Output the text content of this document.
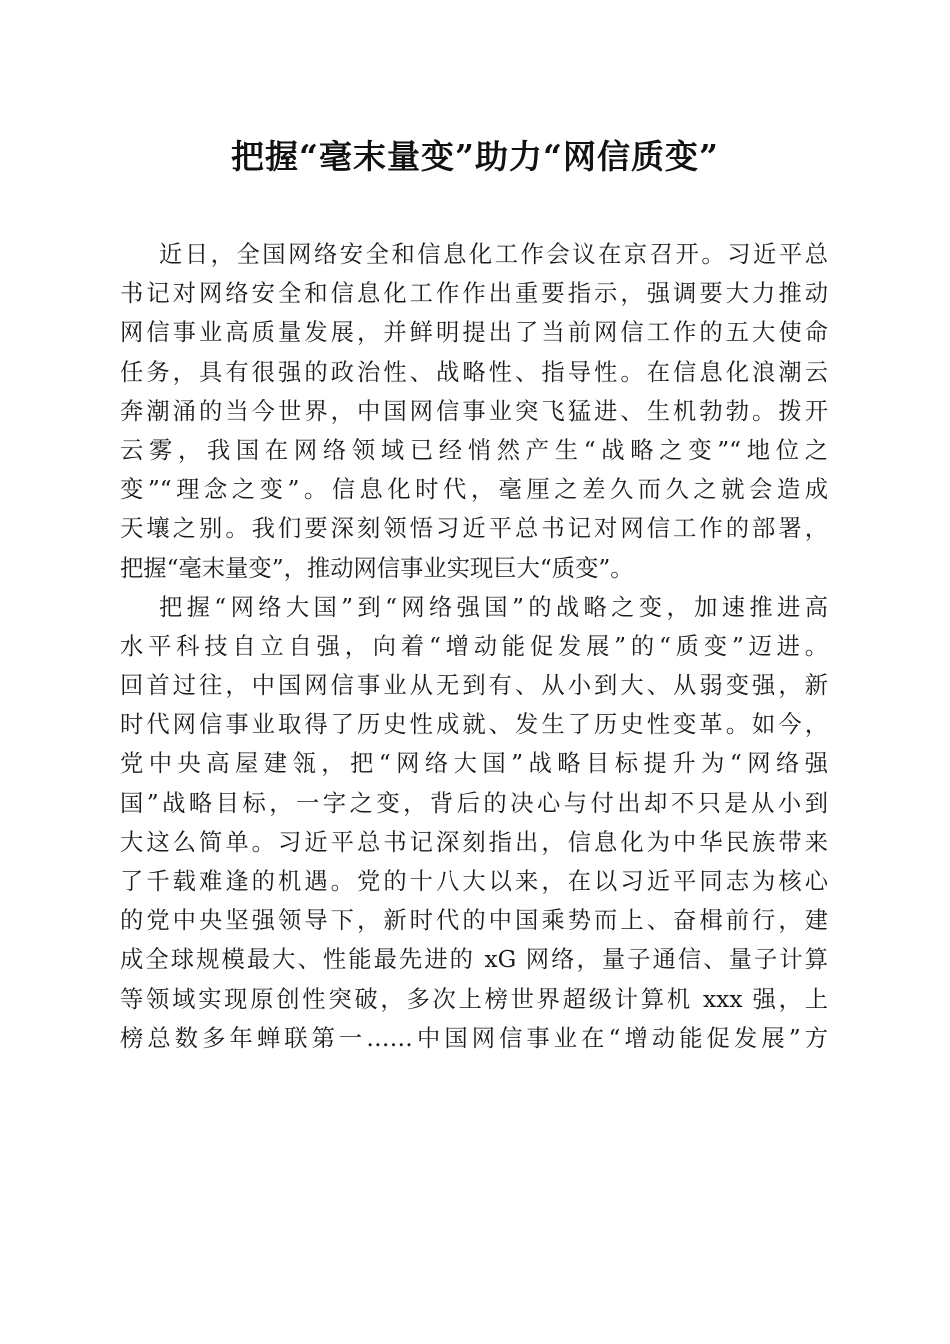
把握“毫末量变”助力“网信质变”
近日，全国网络安全和信息化工作会议在京召开。习近平总
书记对网络安全和信息化工作作出重要指示，强调要大力推动
网信事业高质量发展，并鲜明提出了当前网信工作的五大使命
任务，具有很强的政治性、战略性、指导性。在信息化浪潮云
奔潮涌的当今世界，中国网信事业突飞猛进、生机勃勃。拨开
云雾，我国在网络领域已经悄然产生“战略之变”“地位之
变”“理念之变”。信息化时代，毫厘之差久而久之就会造成
天壤之别。我们要深刻领悟习近平总书记对网信工作的部署，
把握“毫末量变”，推动网信事业实现巨大“质变”。
把握“网络大国”到“网络强国”的战略之变，加速推进高
水平科技自立自强，向着“增动能促发展”的“质变”迈进。
回首过往，中国网信事业从无到有、从小到大、从弱变强，新
时代网信事业取得了历史性成就、发生了历史性变革。如今，
党中央高屋建瓴，把“网络大国”战略目标提升为“网络强
国”战略目标，一字之变，背后的决心与付出却不只是从小到
大这么简单。习近平总书记深刻指出，信息化为中华民族带来
了千载难逢的机遇。党的十八大以来，在以习近平同志为核心
的党中央坚强领导下，新时代的中国乘势而上、奋楫前行，建
成全球规模最大、性能最先进的 xG 网络，量子通信、量子计算
等领域实现原创性突破，多次上榜世界超级计算机 xxx 强，上
榜总数多年蝉联第一……中国网信事业在“增动能促发展”方
